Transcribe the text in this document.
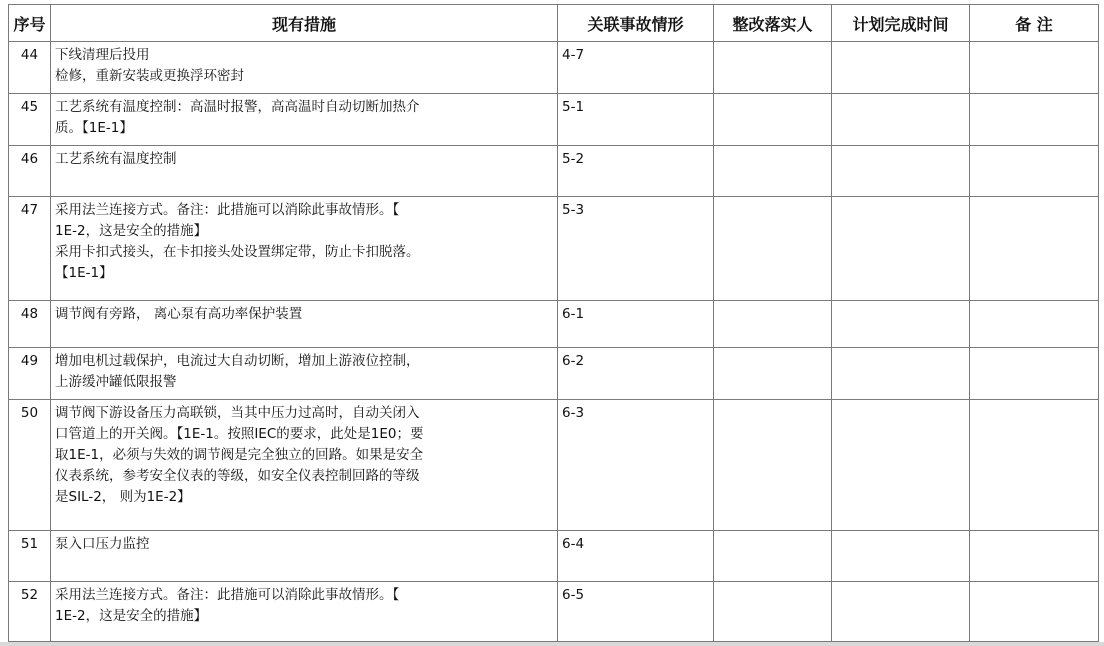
序号	现有措施	关联事故情形	整改落实人	计划完成时间	备 注
44	下线清理后投用
检修，重新安装或更换浮环密封	4-7			
45	工艺系统有温度控制：高温时报警，高高温时自动切断加热介
质。【1E-1】	5-1			
46	工艺系统有温度控制	5-2			
47	采用法兰连接方式。备注：此措施可以消除此事故情形。【
1E-2，这是安全的措施】
采用卡扣式接头，在卡扣接头处设置绑定带，防止卡扣脱落。
【1E-1】	5-3			
48	调节阀有旁路， 离心泵有高功率保护装置	6-1			
49	增加电机过载保护，电流过大自动切断，增加上游液位控制，
上游缓冲罐低限报警	6-2			
50	调节阀下游设备压力高联锁，当其中压力过高时，自动关闭入
口管道上的开关阀。【1E-1。按照IEC的要求，此处是1E0；要
取1E-1，必须与失效的调节阀是完全独立的回路。如果是安全
仪表系统，参考安全仪表的等级，如安全仪表控制回路的等级
是SIL-2， 则为1E-2】	6-3			
51	泵入口压力监控	6-4			
52	采用法兰连接方式。备注：此措施可以消除此事故情形。【
1E-2，这是安全的措施】	6-5			
